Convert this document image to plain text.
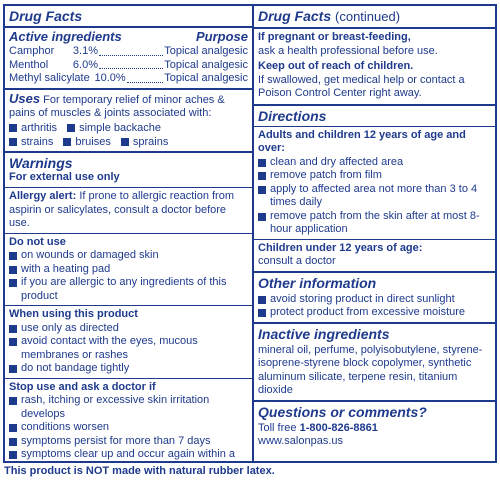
Drug Facts
Active ingredients	Purpose
Camphor	3.1%	Topical analgesic
Menthol	6.0%	Topical analgesic
Methyl salicylate 10.0%	Topical analgesic
Uses For temporary relief of minor aches & pains of muscles & joints associated with:
arthritis simple backache
strains bruises sprains
Warnings
For external use only
Allergy alert: If prone to allergic reaction from aspirin or salicylates, consult a doctor before use.
Do not use
on wounds or damaged skin
with a heating pad
if you are allergic to any ingredients of this product
When using this product
use only as directed
avoid contact with the eyes, mucous membranes or rashes
do not bandage tightly
Stop use and ask a doctor if
rash, itching or excessive skin irritation develops
conditions worsen
symptoms persist for more than 7 days
symptoms clear up and occur again within a
Drug Facts (continued)
If pregnant or breast-feeding,
ask a health professional before use.
Keep out of reach of children.
If swallowed, get medical help or contact a Poison Control Center right away.
Directions
Adults and children 12 years of age and over:
clean and dry affected area
remove patch from film
apply to affected area not more than 3 to 4 times daily
remove patch from the skin after at most 8-hour application
Children under 12 years of age:
consult a doctor
Other information
avoid storing product in direct sunlight
protect product from excessive moisture
Inactive ingredients
mineral oil, perfume, polyisobutylene, styrene-isoprene-styrene block copolymer, synthetic aluminum silicate, terpene resin, titanium dioxide
Questions or comments?
Toll free 1-800-826-8861
www.salonpas.us
This product is NOT made with natural rubber latex.
